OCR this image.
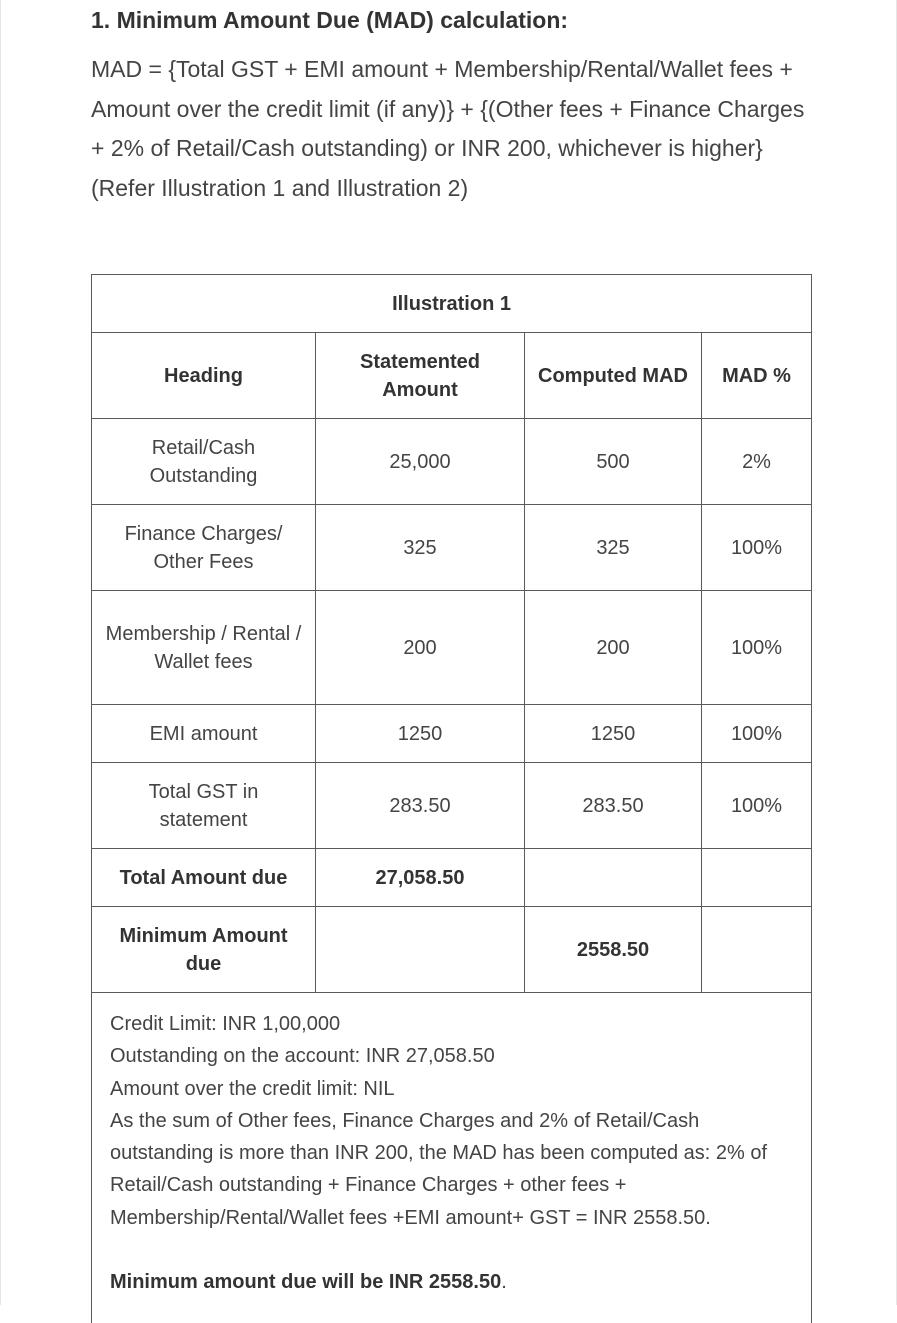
1. Minimum Amount Due (MAD) calculation:

MAD = {Total GST + EMI amount + Membership/Rental/Wallet fees + Amount over the credit limit (if any)} + {(Other fees + Finance Charges + 2% of Retail/Cash outstanding) or INR 200, whichever is higher}
(Refer Illustration 1 and Illustration 2)

Illustration 1			
Heading	Statemented Amount	Computed MAD	MAD %
Retail/Cash Outstanding	25,000	500	2%
Finance Charges/ Other Fees	325	325	100%
Membership / Rental / Wallet fees	200	200	100%
EMI amount	1250	1250	100%
Total GST in statement	283.50	283.50	100%
Total Amount due	27,058.50		
Minimum Amount due		2558.50	

Credit Limit: INR 1,00,000
Outstanding on the account: INR 27,058.50
Amount over the credit limit: NIL
As the sum of Other fees, Finance Charges and 2% of Retail/Cash outstanding is more than INR 200, the MAD has been computed as: 2% of Retail/Cash outstanding + Finance Charges + other fees + Membership/Rental/Wallet fees +EMI amount+ GST = INR 2558.50.
Minimum amount due will be INR 2558.50.			
